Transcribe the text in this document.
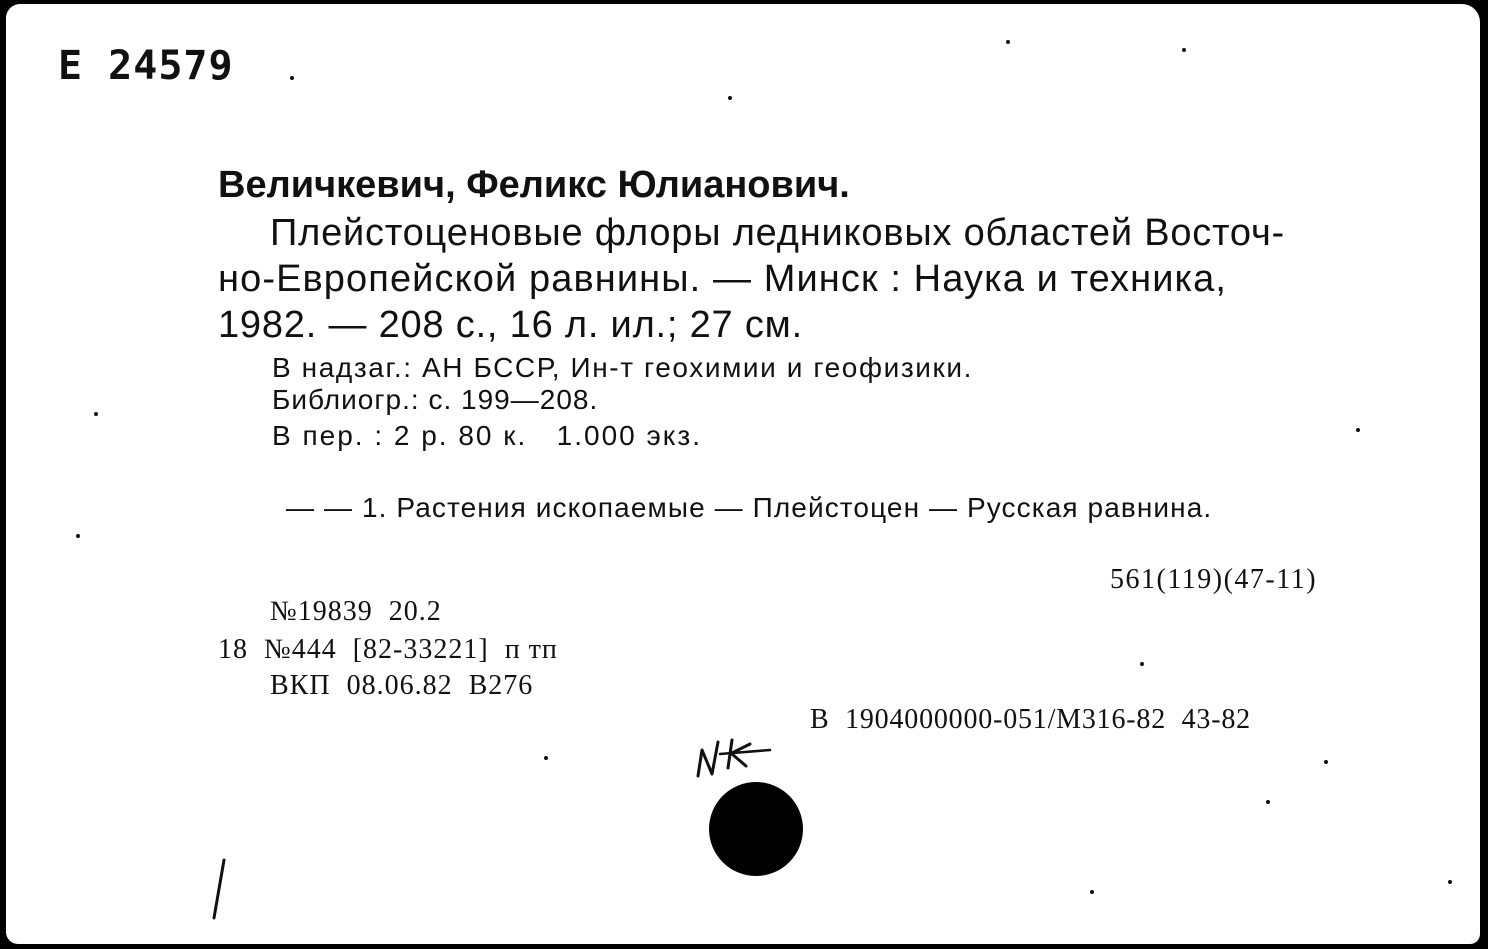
Е 24579
Величкевич, Феликс Юлианович.
Плейстоценовые флоры ледниковых областей Восточ-
но-Европейской равнины. — Минск : Наука и техника,
1982. — 208 с., 16 л. ил.; 27 см.
В надзаг.: АН БССР, Ин-т геохимии и геофизики.
Библиогр.: с. 199—208.
В пер. : 2 р. 80 к.   1.000 экз.
— — 1. Растения ископаемые — Плейстоцен — Русская равнина.
561(119)(47-11)
№19839  20.2
18  №444  [82-33221]  п тп
ВКП  08.06.82  В276
В  1904000000-051/М316-82  43-82
